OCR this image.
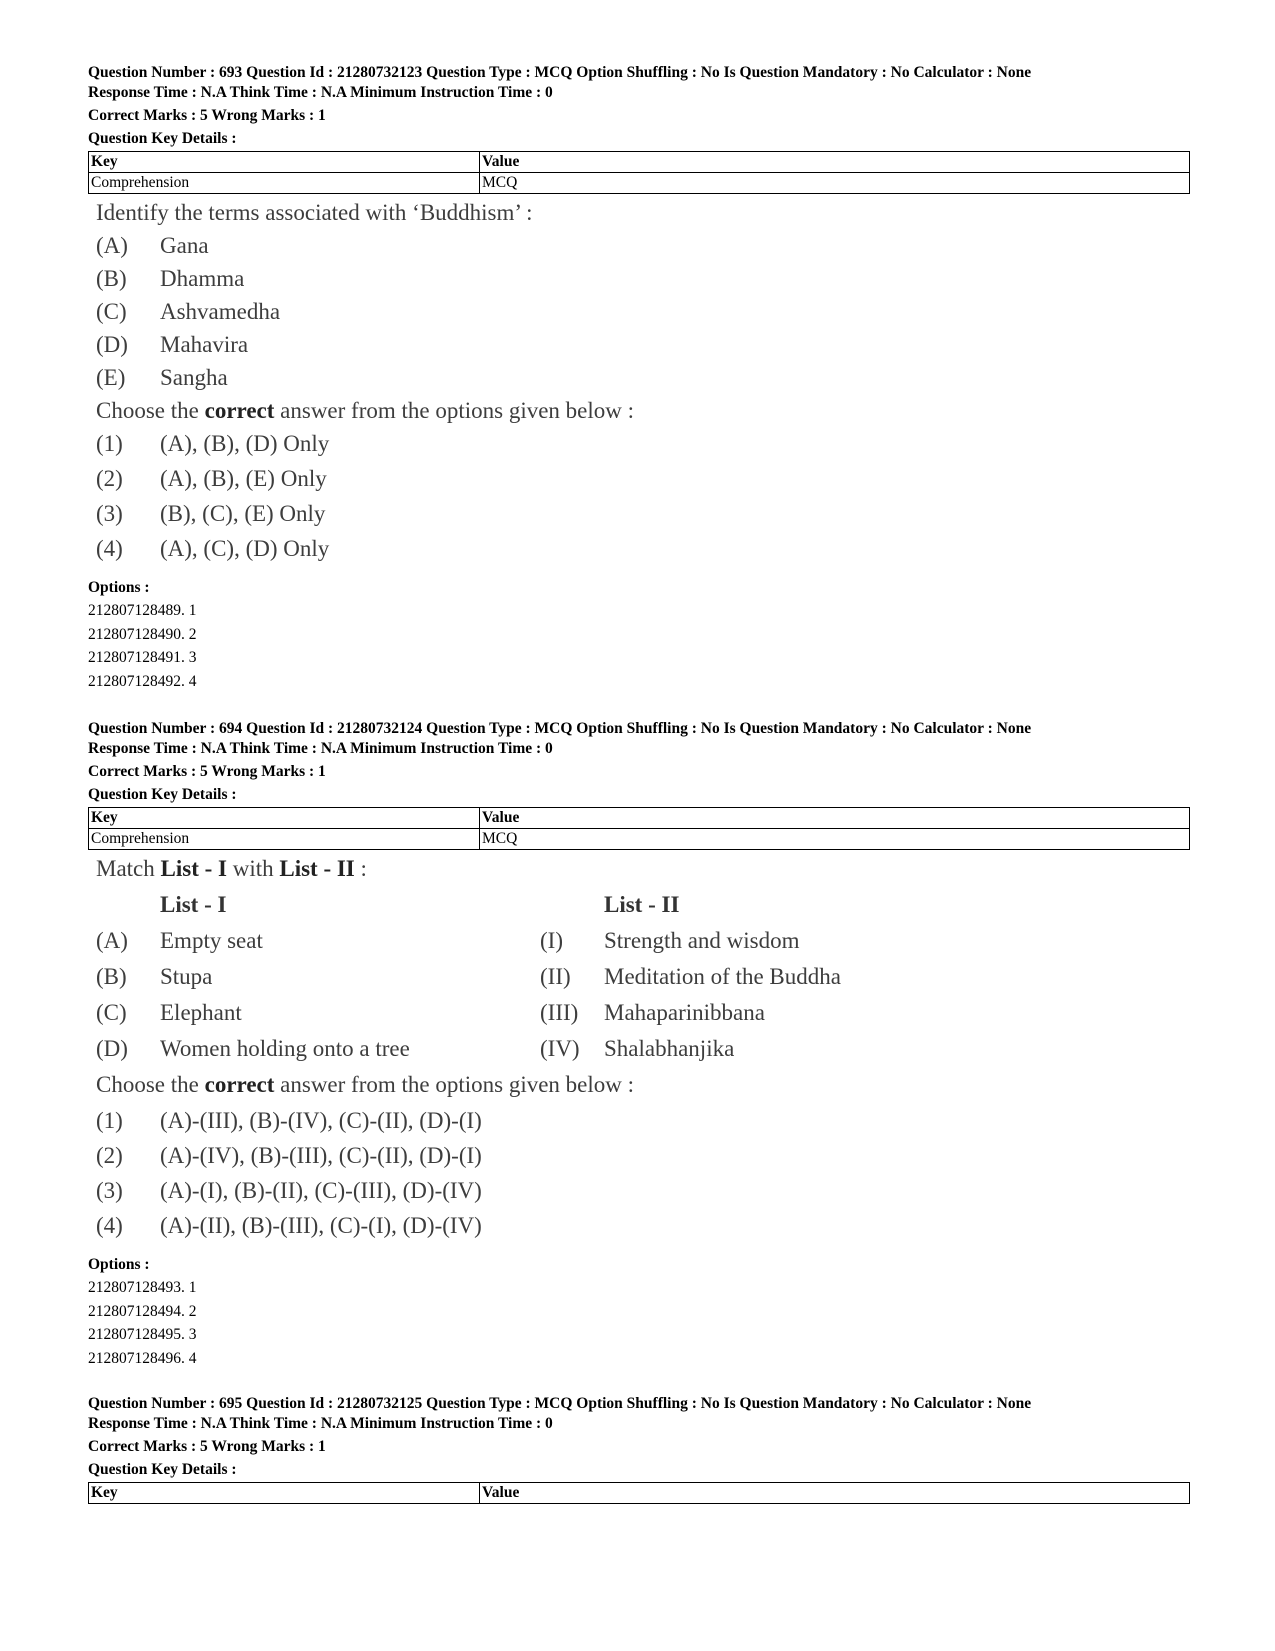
Question Number : 693 Question Id : 21280732123 Question Type : MCQ Option Shuffling : No Is Question Mandatory : No Calculator : None

Response Time : N.A Think Time : N.A Minimum Instruction Time : 0

Correct Marks : 5 Wrong Marks : 1

Question Key Details :

Key	Value
Comprehension	MCQ
Identify the terms associated with ‘Buddhism’ :
(A)	Gana
(B)	Dhamma
(C)	Ashvamedha
(D)	Mahavira
(E)	Sangha
Choose the correct answer from the options given below :
(1)	(A), (B), (D) Only
(2)	(A), (B), (E) Only
(3)	(B), (C), (E) Only
(4)	(A), (C), (D) Only
Options :
212807128489. 1
212807128490. 2
212807128491. 3
212807128492. 4

Question Number : 694 Question Id : 21280732124 Question Type : MCQ Option Shuffling : No Is Question Mandatory : No Calculator : None

Response Time : N.A Think Time : N.A Minimum Instruction Time : 0

Correct Marks : 5 Wrong Marks : 1

Question Key Details :

Key	Value
Comprehension	MCQ
Match List - I with List - II :
List - I	List - II
(A)	Empty seat	(I)	Strength and wisdom
(B)	Stupa	(II)	Meditation of the Buddha
(C)	Elephant	(III)	Mahaparinibbana
(D)	Women holding onto a tree	(IV)	Shalabhanjika
Choose the correct answer from the options given below :
(1)	(A)-(III), (B)-(IV), (C)-(II), (D)-(I)
(2)	(A)-(IV), (B)-(III), (C)-(II), (D)-(I)
(3)	(A)-(I), (B)-(II), (C)-(III), (D)-(IV)
(4)	(A)-(II), (B)-(III), (C)-(I), (D)-(IV)
Options :
212807128493. 1
212807128494. 2
212807128495. 3
212807128496. 4

Question Number : 695 Question Id : 21280732125 Question Type : MCQ Option Shuffling : No Is Question Mandatory : No Calculator : None

Response Time : N.A Think Time : N.A Minimum Instruction Time : 0

Correct Marks : 5 Wrong Marks : 1

Question Key Details :

Key	Value
